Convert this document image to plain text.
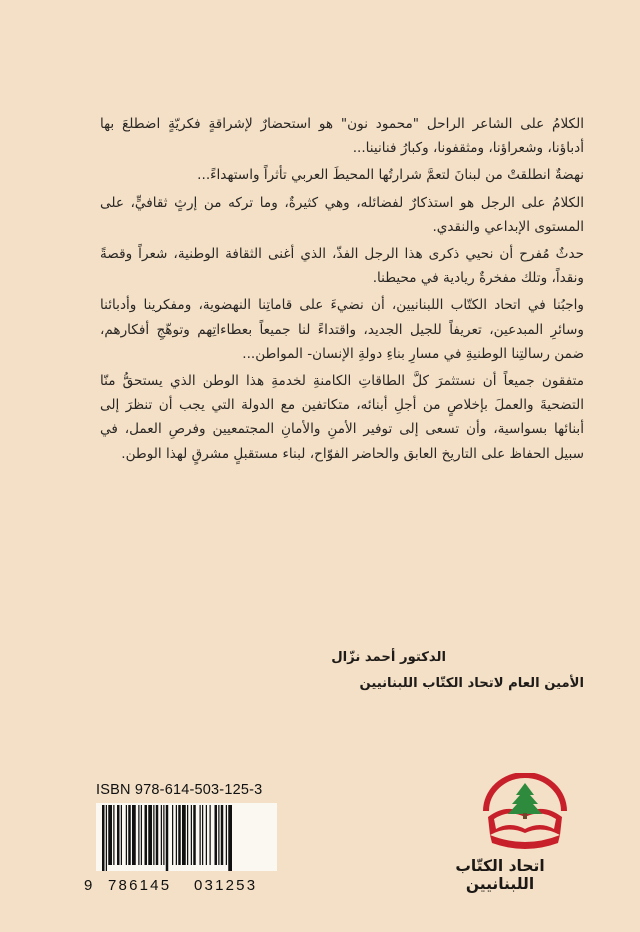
الكلامُ على الشاعر الراحل "محمود نون" هو استحضارٌ لإشراقةٍ فكريّةٍ اضطلعَ بها أدباؤنا، وشعراؤنا، ومثقفونا، وكبارُ فنانينا...

نهضةٌ انطلقتْ من لبنانَ لتعمَّ شرارتُها المحيطَ العربي تأثراً واستهداءً...

الكلامُ على الرجل هو استذكارٌ لفضائله، وهي كثيرةٌ، وما تركه من إرثٍ ثقافيٍّ، على المستوى الإبداعي والنقدي.

حدثٌ مُفرح أن نحيي ذكرى هذا الرجل الفذّ، الذي أغنى الثقافة الوطنية، شعراً وقصةً ونقداً، وتلك مفخرةٌ ريادية في محيطنا.

واجبُنا في اتحاد الكتّاب اللبنانيين، أن نضيءَ على قاماتِنا النهضوية، ومفكرينا وأدبائنا وسائرِ المبدعين، تعريفاً للجيل الجديد، واقتداءً لنا جميعاً بعطاءاتِهم وتوهّجِ أفكارهم، ضمن رسالتِنا الوطنيةِ في مسارِ بناءِ دولةِ الإنسان- المواطن...

متفقون جميعاً أن نستثمرَ كلَّ الطاقاتِ الكامنةِ لخدمةِ هذا الوطن الذي يستحقُّ منّا التضحيةَ والعملَ بإخلاصٍ من أجلِ أبنائه، متكاتفين مع الدولة التي يجب أن تنظرَ إلى أبنائها بسواسية، وأن تسعى إلى توفير الأمنِ والأمانِ المجتمعيين وفرصِ العمل، في سبيل الحفاظ على التاريخ العابق والحاضر الفوّاح، لبناء مستقبلٍ مشرقٍ لهذا الوطن.

الدكتور أحمد نزّال
الأمين العام لاتحاد الكتّاب اللبنانيين
ISBN 978-614-503-125-3
9 786145 031253
اتحاد الكتّاب اللبنانيين
